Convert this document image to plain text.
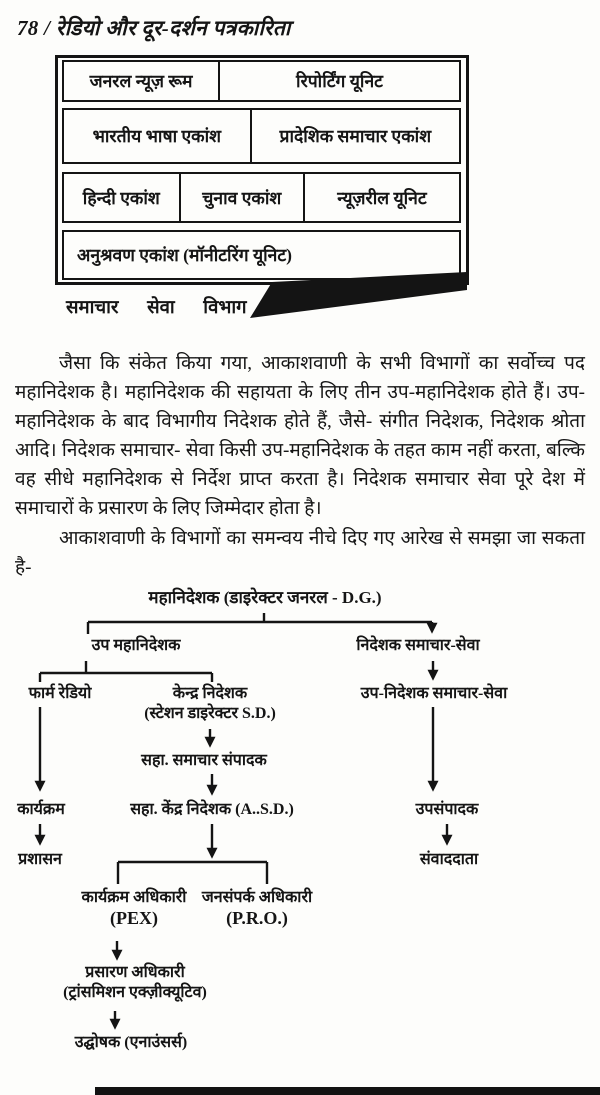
78 / रेडियो और दूर-दर्शन पत्रकारिता
जनरल न्यूज़ रूम	रिपोर्टिंग यूनिट
भारतीय भाषा एकांश	प्रादेशिक समाचार एकांश
हिन्दी एकांश	चुनाव एकांश	न्यूज़रील यूनिट
अनुश्रवण एकांश (मॉनीटरिंग यूनिट)
समाचार सेवा विभाग
जैसा कि संकेत किया गया, आकाशवाणी के सभी विभागों का सर्वोच्च पद महानिदेशक है। महानिदेशक की सहायता के लिए तीन उप-महानिदेशक होते हैं। उप-महानिदेशक के बाद विभागीय निदेशक होते हैं, जैसे- संगीत निदेशक, निदेशक श्रोता आदि। निदेशक समाचार- सेवा किसी उप-महानिदेशक के तहत काम नहीं करता, बल्कि वह सीधे महानिदेशक से निर्देश प्राप्त करता है। निदेशक समाचार सेवा पूरे देश में समाचारों के प्रसारण के लिए जिम्मेदार होता है।
आकाशवाणी के विभागों का समन्वय नीचे दिए गए आरेख से समझा जा सकता है-
महानिदेशक (डाइरेक्टर जनरल - D.G.)
उप महानिदेशक	निदेशक समाचार-सेवा
फार्म रेडियो	केन्द्र निदेशक
(स्टेशन डाइरेक्टर S.D.)
उप-निदेशक समाचार-सेवा
सहा. समाचार संपादक
सहा. केंद्र निदेशक (A..S.D.)
कार्यक्रम
प्रशासन
उपसंपादक
संवाददाता
कार्यक्रम अधिकारी
(PEX)
जनसंपर्क अधिकारी
(P.R.O.)
प्रसारण अधिकारी
(ट्रांसमिशन एक्ज़ीक्यूटिव)
उद्घोषक (एनाउंसर्स)
